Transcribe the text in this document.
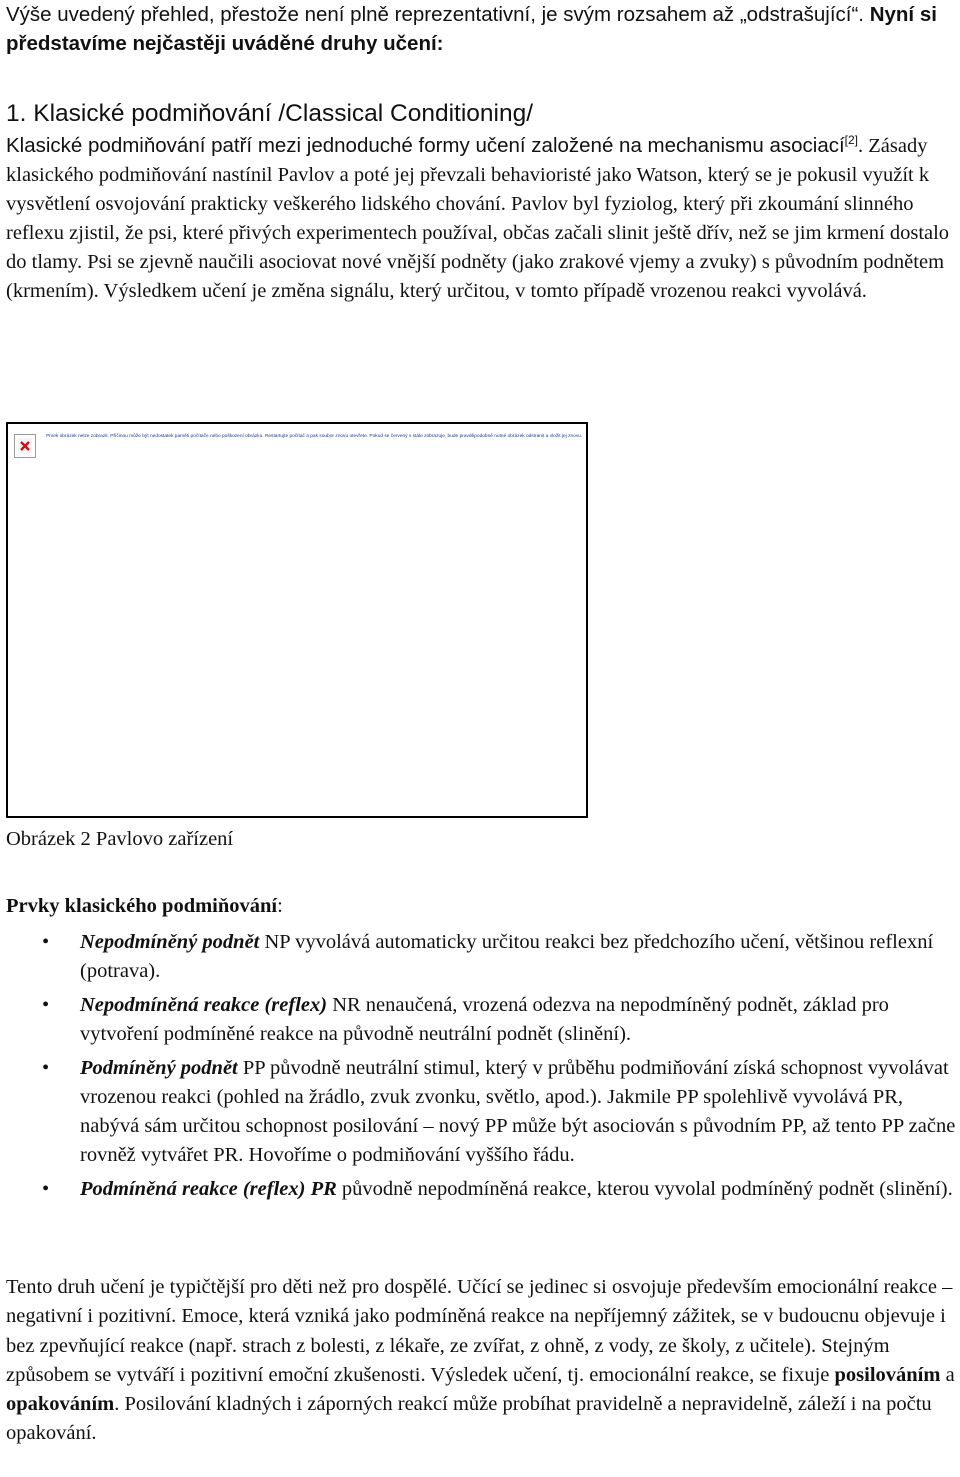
Výše uvedený přehled, přestože není plně reprezentativní, je svým rozsahem až „odstrašující“. Nyní si představíme nejčastěji uváděné druhy učení:

1. Klasické podmiňování /Classical Conditioning/

Klasické podmiňování patří mezi jednoduché formy učení založené na mechanismu asociací[2]. Zásady klasického podmiňování nastínil Pavlov a poté jej převzali behavioristé jako Watson, který se je pokusil využít k vysvětlení osvojování prakticky veškerého lidského chování. Pavlov byl fyziolog, který při zkoumání slinného reflexu zjistil, že psi, které přivých experimentech používal, občas začali slinit ještě dřív, než se jim krmení dostalo do tlamy. Psi se zjevně naučili asociovat nové vnější podněty (jako zrakové vjemy a zvuky) s původním podnětem (krmením). Výsledkem učení je změna signálu, který určitou, v tomto případě vrozenou reakci vyvolává.

Prvek obrázek nelze zobrazit. Příčinou může být nedostatek paměti počítače nebo poškození obrázku. Restartujte počítač a pak soubor znovu otevřete. Pokud se červený x stále zobrazuje, bude pravděpodobně nutné obrázek odstranit a vložit jej znovu.
Obrázek 2 Pavlovo zařízení
Prvky klasického podmiňování:
• Nepodmíněný podnět NP vyvolává automaticky určitou reakci bez předchozího učení, většinou reflexní (potrava).
• Nepodmíněná reakce (reflex) NR nenaučená, vrozená odezva na nepodmíněný podnět, základ pro vytvoření podmíněné reakce na původně neutrální podnět (slinění).
• Podmíněný podnět PP původně neutrální stimul, který v průběhu podmiňování získá schopnost vyvolávat vrozenou reakci (pohled na žrádlo, zvuk zvonku, světlo, apod.). Jakmile PP spolehlivě vyvolává PR, nabývá sám určitou schopnost posilování – nový PP může být asociován s původním PP, až tento PP začne rovněž vytvářet PR. Hovoříme o podmiňování vyššího řádu.
• Podmíněná reakce (reflex) PR původně nepodmíněná reakce, kterou vyvolal podmíněný podnět (slinění).

Tento druh učení je typičtější pro děti než pro dospělé. Učící se jedinec si osvojuje především emocionální reakce – negativní i pozitivní. Emoce, která vzniká jako podmíněná reakce na nepříjemný zážitek, se v budoucnu objevuje i bez zpevňující reakce (např. strach z bolesti, z lékaře, ze zvířat, z ohně, z vody, ze školy, z učitele). Stejným způsobem se vytváří i pozitivní emoční zkušenosti. Výsledek učení, tj. emocionální reakce, se fixuje posilováním a opakováním. Posilování kladných i záporných reakcí může probíhat pravidelně a nepravidelně, záleží i na počtu opakování.
